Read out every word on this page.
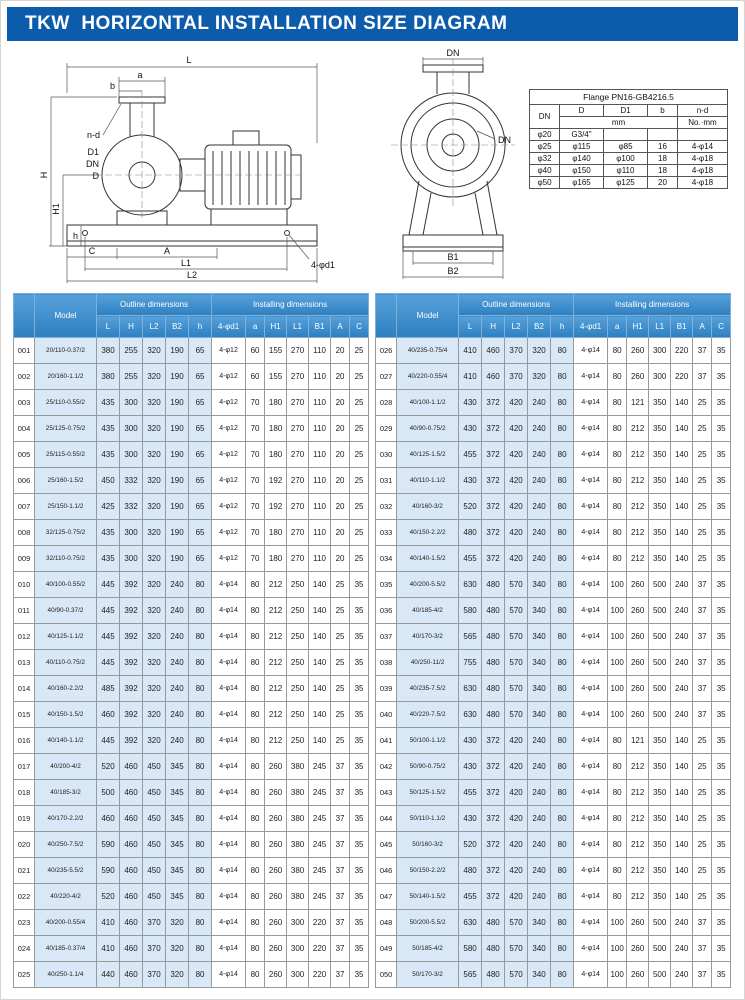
TKW  HORIZONTAL INSTALLATION SIZE DIAGRAM
L
a
b
n-d
H
H1
D1
DN
D
h
C	A
L1
L2
4-φd1
DN
DN
B1
B2
Flange PN16-GB4216.5				
DN	D	D1	b	n-d
	mm			No.·mm
φ20	G3/4"			
φ25	φ115	φ85	16	4-φ14
φ32	φ140	φ100	18	4-φ18
φ40	φ150	φ110	18	4-φ18
φ50	φ165	φ125	20	4-φ18
	Model	Outline dimensions					Installing dimensions						
		L	H	L2	B2	h	4-φd1	a	H1	L1	B1	A	C
001	20/110-0.37/2	380	255	320	190	65	4-φ12	60	155	270	110	20	25
002	20/160-1.1/2	380	255	320	190	65	4-φ12	60	155	270	110	20	25
003	25/110-0.55/2	435	300	320	190	65	4-φ12	70	180	270	110	20	25
004	25/125-0.75/2	435	300	320	190	65	4-φ12	70	180	270	110	20	25
005	25/115-0.55/2	435	300	320	190	65	4-φ12	70	180	270	110	20	25
006	25/160-1.5/2	450	332	320	190	65	4-φ12	70	192	270	110	20	25
007	25/150-1.1/2	425	332	320	190	65	4-φ12	70	192	270	110	20	25
008	32/125-0.75/2	435	300	320	190	65	4-φ12	70	180	270	110	20	25
009	32/110-0.75/2	435	300	320	190	65	4-φ12	70	180	270	110	20	25
010	40/100-0.55/2	445	392	320	240	80	4-φ14	80	212	250	140	25	35
011	40/90-0.37/2	445	392	320	240	80	4-φ14	80	212	250	140	25	35
012	40/125-1.1/2	445	392	320	240	80	4-φ14	80	212	250	140	25	35
013	40/110-0.75/2	445	392	320	240	80	4-φ14	80	212	250	140	25	35
014	40/160-2.2/2	485	392	320	240	80	4-φ14	80	212	250	140	25	35
015	40/150-1.5/2	460	392	320	240	80	4-φ14	80	212	250	140	25	35
016	40/140-1.1/2	445	392	320	240	80	4-φ14	80	212	250	140	25	35
017	40/200-4/2	520	460	450	345	80	4-φ14	80	260	380	245	37	35
018	40/185-3/2	500	460	450	345	80	4-φ14	80	260	380	245	37	35
019	40/170-2.2/2	460	460	450	345	80	4-φ14	80	260	380	245	37	35
020	40/250-7.5/2	590	460	450	345	80	4-φ14	80	260	380	245	37	35
021	40/235-5.5/2	590	460	450	345	80	4-φ14	80	260	380	245	37	35
022	40/220-4/2	520	460	450	345	80	4-φ14	80	260	380	245	37	35
023	40/200-0.55/4	410	460	370	320	80	4-φ14	80	260	300	220	37	35
024	40/185-0.37/4	410	460	370	320	80	4-φ14	80	260	300	220	37	35
025	40/250-1.1/4	440	460	370	320	80	4-φ14	80	260	300	220	37	35
	Model	Outline dimensions					Installing dimensions						
		L	H	L2	B2	h	4-φd1	a	H1	L1	B1	A	C
026	40/235-0.75/4	410	460	370	320	80	4-φ14	80	260	300	220	37	35
027	40/220-0.55/4	410	460	370	320	80	4-φ14	80	260	300	220	37	35
028	40/100-1.1/2	430	372	420	240	80	4-φ14	80	121	350	140	25	35
029	40/90-0.75/2	430	372	420	240	80	4-φ14	80	212	350	140	25	35
030	40/125-1.5/2	455	372	420	240	80	4-φ14	80	212	350	140	25	35
031	40/110-1.1/2	430	372	420	240	80	4-φ14	80	212	350	140	25	35
032	40/160-3/2	520	372	420	240	80	4-φ14	80	212	350	140	25	35
033	40/150-2.2/2	480	372	420	240	80	4-φ14	80	212	350	140	25	35
034	40/140-1.5/2	455	372	420	240	80	4-φ14	80	212	350	140	25	35
035	40/200-5.5/2	630	480	570	340	80	4-φ14	100	260	500	240	37	35
036	40/185-4/2	580	480	570	340	80	4-φ14	100	260	500	240	37	35
037	40/170-3/2	565	480	570	340	80	4-φ14	100	260	500	240	37	35
038	40/250-11/2	755	480	570	340	80	4-φ14	100	260	500	240	37	35
039	40/235-7.5/2	630	480	570	340	80	4-φ14	100	260	500	240	37	35
040	40/220-7.5/2	630	480	570	340	80	4-φ14	100	260	500	240	37	35
041	50/100-1.1/2	430	372	420	240	80	4-φ14	80	121	350	140	25	35
042	50/90-0.75/2	430	372	420	240	80	4-φ14	80	212	350	140	25	35
043	50/125-1.5/2	455	372	420	240	80	4-φ14	80	212	350	140	25	35
044	50/110-1.1/2	430	372	420	240	80	4-φ14	80	212	350	140	25	35
045	50/160-3/2	520	372	420	240	80	4-φ14	80	212	350	140	25	35
046	50/150-2.2/2	480	372	420	240	80	4-φ14	80	212	350	140	25	35
047	50/140-1.5/2	455	372	420	240	80	4-φ14	80	212	350	140	25	35
048	50/200-5.5/2	630	480	570	340	80	4-φ14	100	260	500	240	37	35
049	50/185-4/2	580	480	570	340	80	4-φ14	100	260	500	240	37	35
050	50/170-3/2	565	480	570	340	80	4-φ14	100	260	500	240	37	35
